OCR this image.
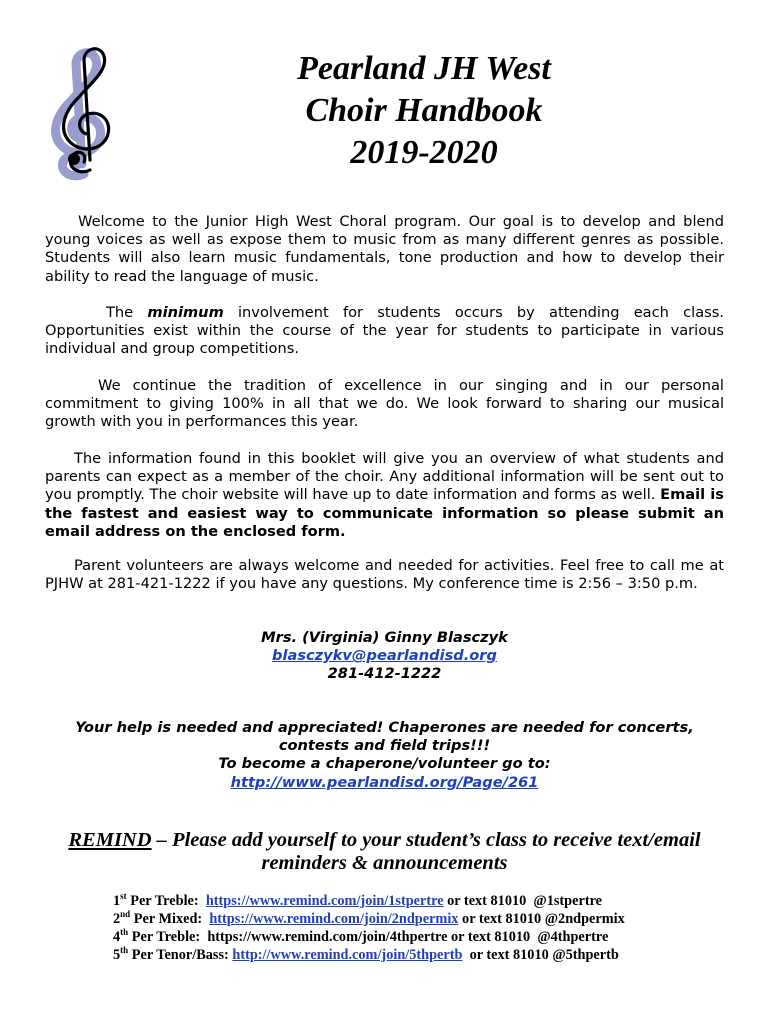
Pearland JH West
Choir Handbook
2019-2020

Welcome to the Junior High West Choral program. Our goal is to develop and blend young voices as well as expose them to music from as many different genres as possible. Students will also learn music fundamentals, tone production and how to develop their ability to read the language of music.

The minimum involvement for students occurs by attending each class. Opportunities exist within the course of the year for students to participate in various individual and group competitions.

We continue the tradition of excellence in our singing and in our personal commitment to giving 100% in all that we do. We look forward to sharing our musical growth with you in performances this year.

The information found in this booklet will give you an overview of what students and parents can expect as a member of the choir. Any additional information will be sent out to you promptly. The choir website will have up to date information and forms as well. Email is the fastest and easiest way to communicate information so please submit an email address on the enclosed form.

Parent volunteers are always welcome and needed for activities. Feel free to call me at PJHW at 281-421-1222 if you have any questions. My conference time is 2:56 – 3:50 p.m.

Mrs. (Virginia) Ginny Blasczyk
blasczykv@pearlandisd.org
281-412-1222
Your help is needed and appreciated! Chaperones are needed for concerts,
contests and field trips!!!
To become a chaperone/volunteer go to:
http://www.pearlandisd.org/Page/261
REMIND – Please add yourself to your student’s class to receive text/email
reminders & announcements
1st Per Treble:  https://www.remind.com/join/1stpertre or text 81010  @1stpertre
2nd Per Mixed:  https://www.remind.com/join/2ndpermix or text 81010 @2ndpermix
4th Per Treble:  https://www.remind.com/join/4thpertre or text 81010  @4thpertre
5th Per Tenor/Bass: http://www.remind.com/join/5thpertb  or text 81010 @5thpertb
